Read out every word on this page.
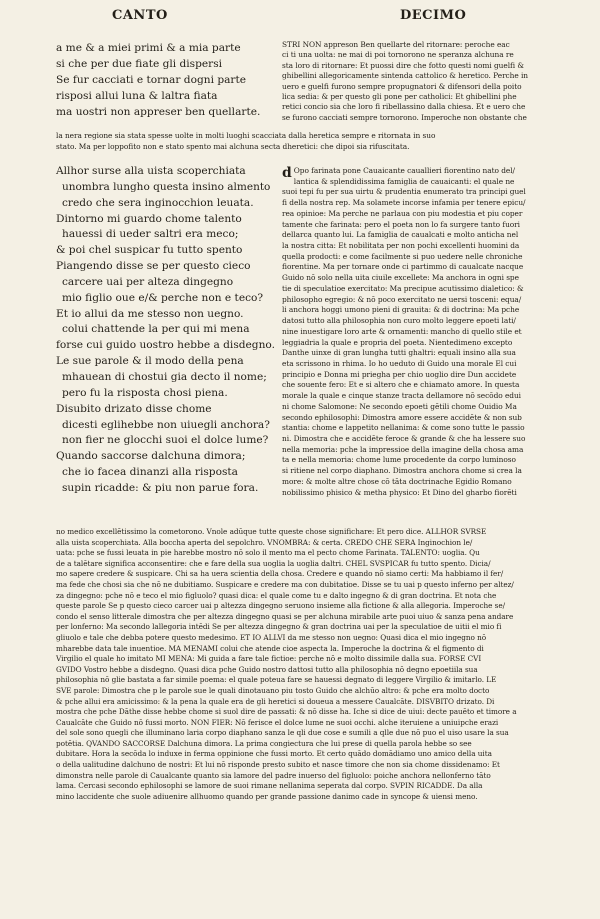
CANTO	DECIMO
a me & a miei primi & a mia parte
si che per due fiate gli dispersi
Se fur cacciati e tornar dogni parte
risposi allui luna & laltra fiata
ma uostri non appreser ben quellarte.
STRI NON appreson Ben quellarte del ritornare: peroche eac
ci ti una uolta: ne mai di poi tornorono ne speranza alchuna re
sta loro di ritornare: Et puossi dire che fotto questi nomi guelfi &
ghibellini allegoricamente sintenda cattolico & heretico. Perche in
uero e guelfi furono sempre propugnatori & difensori della poito
lica sedia: & per questo gli pone per catholici: Et ghibellini phe
retici concio sia che loro fi ribellassino dalla chiesa. Et e uero che
se furono cacciati sempre tornorono. Imperoche non obstante che
la nera regione sia stata spesse uolte in molti luoghi scacciata dalla heretica sempre e ritornata in suo
stato. Ma per loppofito non e stato spento mai alchuna secta dheretici: che dipoi sia rifuscitata.
Allhor surse alla uista scoperchiata
unombra lungho questa insino almento
credo che sera inginocchion leuata.
Dintorno mi guardo chome talento
hauessi di ueder saltri era meco;
& poi chel suspicar fu tutto spento
Piangendo disse se per questo cieco
carcere uai per alteza dingegno
mio figlio oue e/& perche non e teco?
Et io allui da me stesso non uegno.
colui chattende la per qui mi mena
forse cui guido uostro hebbe a disdegno.
Le sue parole & il modo della pena
mhauean di chostui gia decto il nome;
pero fu la risposta chosi piena.
Disubito drizato disse chome
dicesti eglihebbe non uiuegli anchora?
non fier ne glocchi suoi el dolce lume?
Quando saccorse dalchuna dimora;
che io facea dinanzi alla risposta
supin ricadde: & piu non parue fora.
d Opo farinata pone Cauaicante cauallieri fiorentino nato del/
lantica & splendidissima famiglia de cauaicanti: el quale ne
suoi tepi fu per sua uirtu & prudentia enumerato tra principi guel
fi della nostra rep. Ma solamete incorse infamia per tenere epicu/
rea opinioe: Ma perche ne parlaua con piu modestia et piu coper
tamente che farinata: pero el poeta non lo fa surgere tanto fuori
dellarca quanto lui. La famiglia de caualcati e molto anticha nel
la nostra citta: Et nobilitata per non pochi excellenti huomini da
quella prodocti: e come facilmente si puo uedere nelle chroniche
fiorentine. Ma per tornare onde ci partimmo di caualcate nacque
Guido nō solo nella uita ciuile excellete: Ma anchora in ogni spe
tie di speculatioe exercitato: Ma precipue acutissimo dialetico: &
philosopho egregio: & nō poco exercitato ne uersi tosceni: equa/
li anchora hoggi umono pieni di grauita: & di doctrina: Ma pche
datosi tutto alla philosophia non curo molto leggere epoeti lati/
nine inuestigare loro arte & ornamenti: mancho di quello stile et
leggiadria la quale e propria del poeta. Nientedimeno excepto
Danthe uinxe di gran lungha tutti ghaltri: equali insino alla sua
eta scrissono in rhima. Io ho ueduto di Guido una morale El cui
principio e Donna mi priegha per chio uoglio dire Dun accidete
che souente fero: Et e si altero che e chiamato amore. In questa
morale la quale e cinque stanze tracta dellamore nō secōdo edui
ni chome Salomone: Ne secondo epoeti gētili chome Ouidio Ma
secondo ephilosophi: Dimostra amore essere accidēte & non sub
stantia: chome e lappetito nellanima: & come sono tutte le passio
ni. Dimostra che e accidēte feroce & grande & che ha lessere suo
nella memoria: pche la impressioe della imagine della chosa ama
ta e nella memoria: chome lume procedente da corpo luminoso
si ritiene nel corpo diaphano. Dimostra anchora chome si crea la
more: & molte altre chose cō tāta doctrinache Egidio Romano
nobilissimo phisico & metha physico: Et Dino del gharbo fiorēti
no medico excellētissimo la cometorono. Vnole adūque tutte queste chose significhare: Et pero dice. ALLHOR SVRSE
alla uista scoperchiata. Alla boccha aperta del sepolchro. VNOMBRA: & certa. CREDO CHE SERA Inginochion le/
uata: pche se fussi leuata in pie harebbe mostro nō solo il mento ma el pecto chome Farinata. TALENTO: uoglia. Qu
de a talētare significa acconsentire: che e fare della sua uoglia la uoglia daltri. CHEL SVSPICAR fu tutto spento. Dicia/
mo sapere credere & suspicare. Chi sa ha uera scientia della chosa. Credere e quando nō siamo certi: Ma habbiamo il fer/
ma fede che chosi sia che nō ne dubitiamo. Suspicare e credere ma con dubitatioe. Disse se tu uai p questo inferno per altez/
za dingegno: pche nō e teco el mio figluolo? quasi dica: el quale come tu e dalto ingegno & di gran doctrina. Et nota che
queste parole Se p questo cieco carcer uai p altezza dingegno seruono insieme alla fictione & alla allegoria. Imperoche se/
condo el senso litterale dimostra che per altezza dingegno quasi se per alchuna mirabile arte puoi uiuo & sanza pena andare
per lonferno: Ma secondo lallegoria intēdi Se per altezza dingegno & gran doctrina uai per la speculatioe de uitii el mio fi
gliuolo e tale che debba potere questo medesimo. ET IO ALLVI da me stesso non uegno: Quasi dica el mio ingegno nō
mharebbe data tale inuentioe. MA MENAMI colui che atende cioe aspecta la. Imperoche la doctrina & el figmento di
Virgilio el quale ho imitato MI MENA: Mi guida a fare tale fictioe: perche nō e molto dissimile dalla sua. FORSE CVI
GVIDO Vostro hebbe a disdegno. Quasi dica pche Guido nostro dattosi tutto alla philosophia nō degno epoetiila sua
philosophia nō glie bastata a far simile poema: el quale poteua fare se hauessi degnato di leggere Virgilio & imitarlo. LE
SVE parole: Dimostra che p le parole sue le quali dinotauano piu tosto Guido che alchūo altro: & pche era molto docto
& pche allui era amicissimo: & la pena la quale era de gli heretici si doueua a messere Caualcāte. DISVBITO drizato. Di
mostra che pche Dāthe disse hebbe chome si suol dire de passati: & nō disse ha. Iche si dice de uiui: decte pauēto et timore a
Caualcāte che Guido nō fussi morto. NON FIER: Nō ferisce el dolce lume ne suoi occhi. alche iteruiene a uniuipche erazi
del sole sono quegli che illuminano laria corpo diaphano sanza le qli due cose e sumili a qlle due nō puo el uiso usare la sua
potētia. QVANDO SACCORSE Dalchuna dimora. La prima congiectura che lui prese di quella parola hebbe so see
dubitare. Hora la secōda lo induxe in ferma oppinione che fussi morto. Et certo quādo domādiamo uno amico della uita
o della ualitudine dalchuno de nostri: Et lui nō risponde presto subito et nasce timore che non sia chome dissidenamo: Et
dimonstra nelle parole di Caualcante quanto sia lamore del padre inuerso del figluolo: poiche anchora nellonferno tāto
lama. Cercasi secondo ephilosophi se lamore de suoi rimane nellanima seperata dal corpo. SVPIN RICADDE. Da alla
mino laccidente che suole adiuenire allhuomo quando per grande passione danimo cade in syncope & uiensi meno.
